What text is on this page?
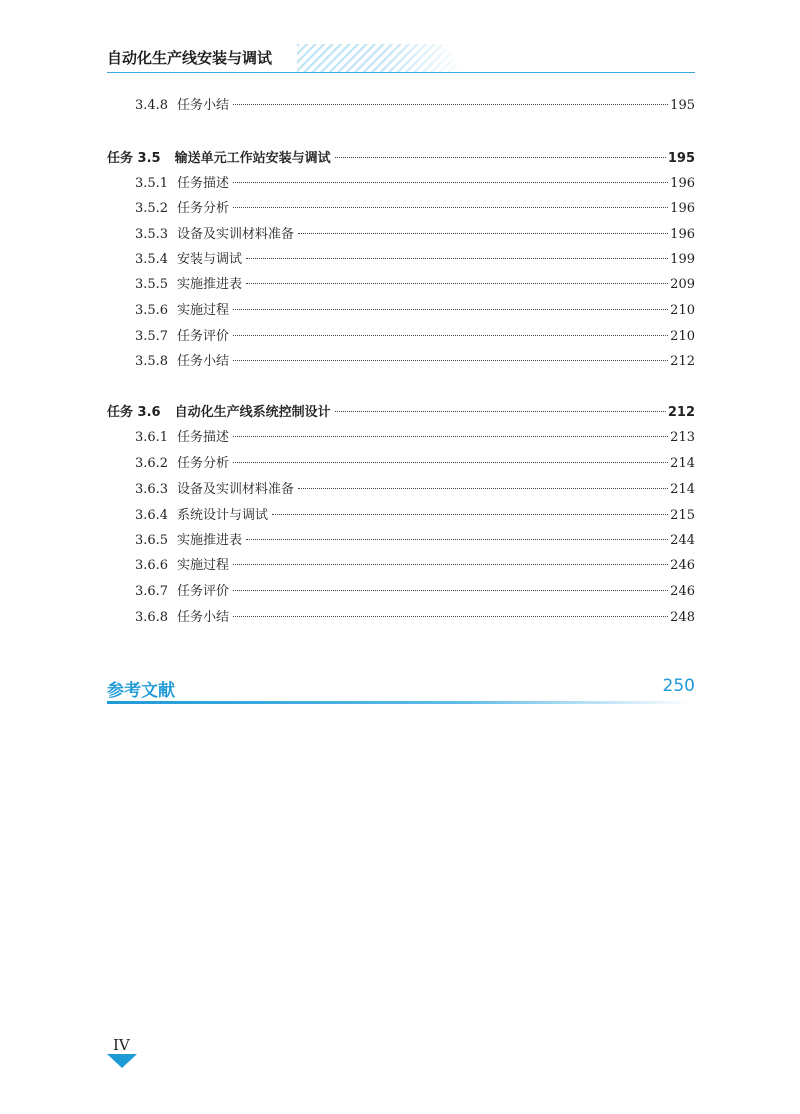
自动化生产线安装与调试
3.4.8 任务小结	195
任务 3.5 输送单元工作站安装与调试	195
3.5.1 任务描述	196
3.5.2 任务分析	196
3.5.3 设备及实训材料准备	196
3.5.4 安装与调试	199
3.5.5 实施推进表	209
3.5.6 实施过程	210
3.5.7 任务评价	210
3.5.8 任务小结	212
任务 3.6 自动化生产线系统控制设计	212
3.6.1 任务描述	213
3.6.2 任务分析	214
3.6.3 设备及实训材料准备	214
3.6.4 系统设计与调试	215
3.6.5 实施推进表	244
3.6.6 实施过程	246
3.6.7 任务评价	246
3.6.8 任务小结	248
参考文献	250
IV
